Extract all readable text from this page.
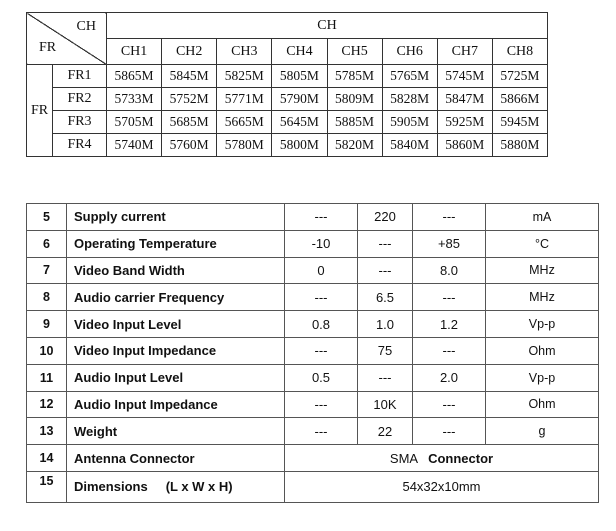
CH
FR		CH							
		CH1	CH2	CH3	CH4	CH5	CH6	CH7	CH8
FR	FR1	5865M	5845M	5825M	5805M	5785M	5765M	5745M	5725M
	FR2	5733M	5752M	5771M	5790M	5809M	5828M	5847M	5866M
	FR3	5705M	5685M	5665M	5645M	5885M	5905M	5925M	5945M
	FR4	5740M	5760M	5780M	5800M	5820M	5840M	5860M	5880M
5	Supply current	---	220	---	mA
6	Operating Temperature	-10	---	+85	°C
7	Video Band Width	0	---	8.0	MHz
8	Audio carrier Frequency	---	6.5	---	MHz
9	Video Input Level	0.8	1.0	1.2	Vp-p
10	Video Input Impedance	---	75	---	Ohm
11	Audio Input Level	0.5	---	2.0	Vp-p
12	Audio Input Impedance	---	10K	---	Ohm
13	Weight	---	22	---	g
14	Antenna Connector	SMA Connector			
15	Dimensions (L x W x H)	54x32x10mm			
